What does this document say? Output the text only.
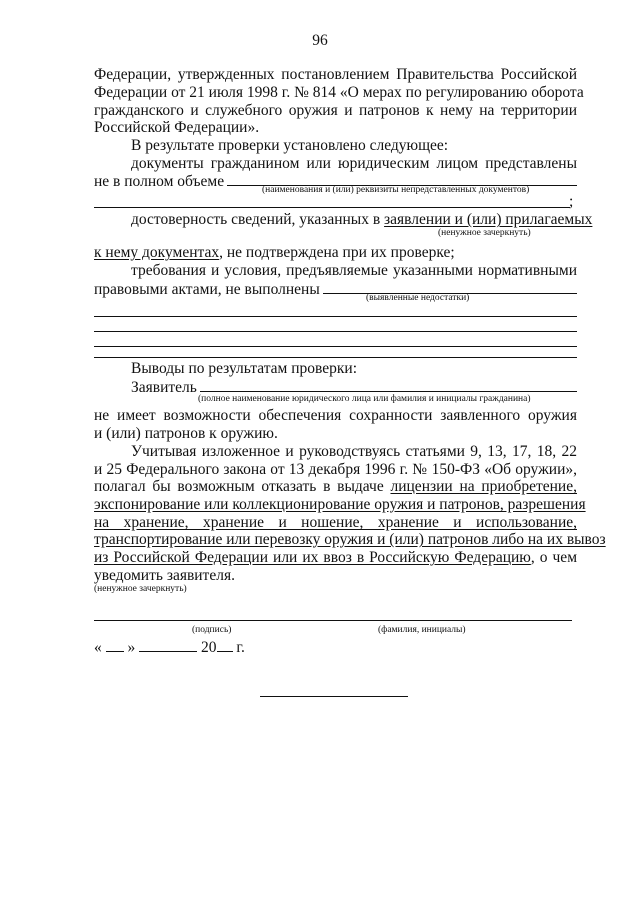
96
Федерации, утвержденных постановлением Правительства Российской
Федерации от 21 июля 1998 г. № 814 «О мерах по регулированию оборота
гражданского и служебного оружия и патронов к нему на территории
Российской Федерации».
В результате проверки установлено следующее:
документы гражданином или юридическим лицом представлены
не в полном объеме	(наименования и (или) реквизиты непредставленных документов)
;
достоверность сведений, указанных в заявлении и (или) прилагаемых
(ненужное зачеркнуть)
к нему документах, не подтверждена при их проверке;
требования и условия, предъявляемые указанными нормативными
правовыми актами, не выполнены	(выявленные недостатки)
Выводы по результатам проверки:
Заявитель
(полное наименование юридического лица или фамилия и инициалы гражданина)
не имеет возможности обеспечения сохранности заявленного оружия
и (или) патронов к оружию.
Учитывая изложенное и руководствуясь статьями 9, 13, 17, 18, 22
и 25 Федерального закона от 13 декабря 1996 г. № 150-ФЗ «Об оружии»,
полагал бы возможным отказать в выдаче лицензии на приобретение,
экспонирование или коллекционирование оружия и патронов, разрешения
на хранение, хранение и ношение, хранение и использование,
транспортирование или перевозку оружия и (или) патронов либо на их вывоз
из Российской Федерации или их ввоз в Российскую Федерацию, о чем
уведомить заявителя.
(ненужное зачеркнуть)
(подпись)	(фамилия, инициалы)
« »	20 г.
